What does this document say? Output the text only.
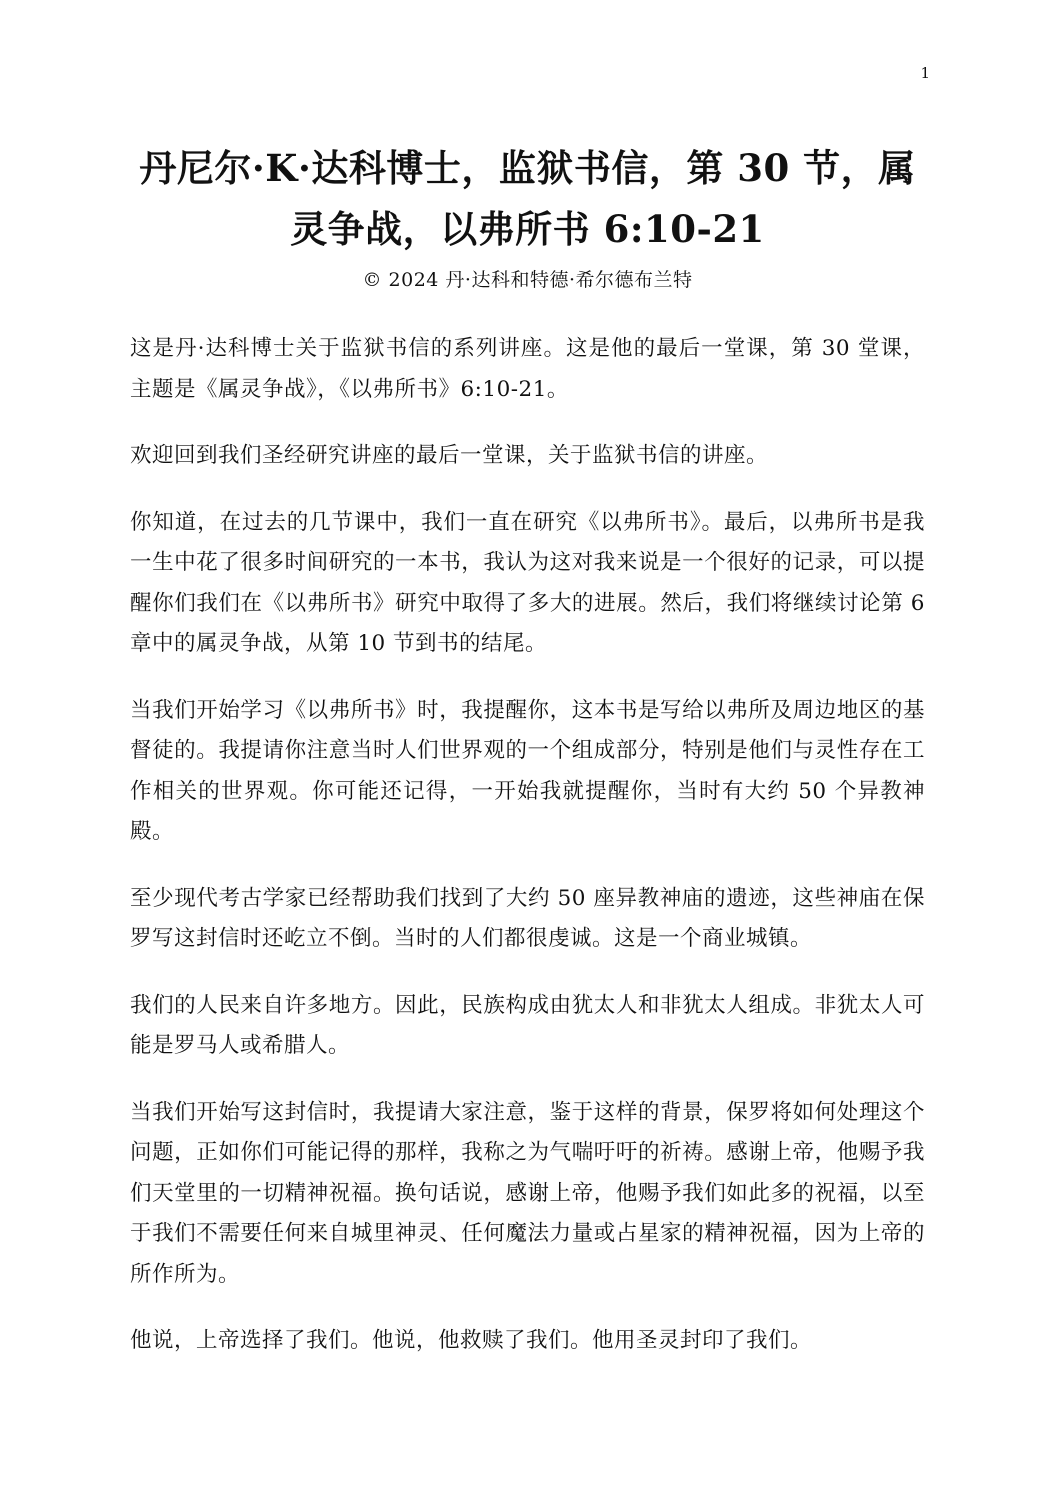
1
丹尼尔·K·达科博士，监狱书信，第 30 节，属灵争战，以弗所书 6:10-21
© 2024 丹·达科和特德·希尔德布兰特

这是丹·达科博士关于监狱书信的系列讲座。这是他的最后一堂课，第 30 堂课，主题是《属灵争战》，《以弗所书》6:10-21。

欢迎回到我们圣经研究讲座的最后一堂课，关于监狱书信的讲座。

你知道，在过去的几节课中，我们一直在研究《以弗所书》。最后，以弗所书是我一生中花了很多时间研究的一本书，我认为这对我来说是一个很好的记录，可以提醒你们我们在《以弗所书》研究中取得了多大的进展。然后，我们将继续讨论第 6 章中的属灵争战，从第 10 节到书的结尾。

当我们开始学习《以弗所书》时，我提醒你，这本书是写给以弗所及周边地区的基督徒的。我提请你注意当时人们世界观的一个组成部分，特别是他们与灵性存在工作相关的世界观。你可能还记得，一开始我就提醒你，当时有大约 50 个异教神殿。

至少现代考古学家已经帮助我们找到了大约 50 座异教神庙的遗迹，这些神庙在保罗写这封信时还屹立不倒。当时的人们都很虔诚。这是一个商业城镇。

我们的人民来自许多地方。因此，民族构成由犹太人和非犹太人组成。非犹太人可能是罗马人或希腊人。

当我们开始写这封信时，我提请大家注意，鉴于这样的背景，保罗将如何处理这个问题，正如你们可能记得的那样，我称之为气喘吁吁的祈祷。感谢上帝，他赐予我们天堂里的一切精神祝福。换句话说，感谢上帝，他赐予我们如此多的祝福，以至于我们不需要任何来自城里神灵、任何魔法力量或占星家的精神祝福，因为上帝的所作所为。

他说，上帝选择了我们。他说，他救赎了我们。他用圣灵封印了我们。
